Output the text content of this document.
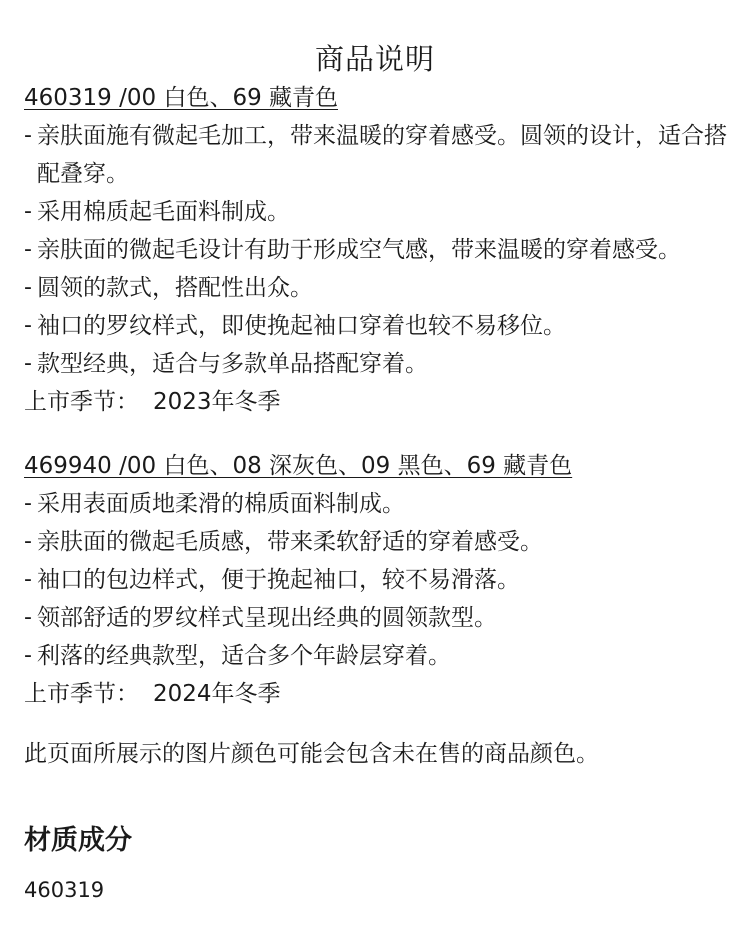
商品说明
460319 /00 白色、69 藏青色
- 亲肤面施有微起毛加工，带来温暖的穿着感受。圆领的设计，适合搭配叠穿。
- 采用棉质起毛面料制成。
- 亲肤面的微起毛设计有助于形成空气感，带来温暖的穿着感受。
- 圆领的款式，搭配性出众。
- 袖口的罗纹样式，即使挽起袖口穿着也较不易移位。
- 款型经典，适合与多款单品搭配穿着。
上市季节： 2023年冬季
469940 /00 白色、08 深灰色、09 黑色、69 藏青色
- 采用表面质地柔滑的棉质面料制成。
- 亲肤面的微起毛质感，带来柔软舒适的穿着感受。
- 袖口的包边样式，便于挽起袖口，较不易滑落。
- 领部舒适的罗纹样式呈现出经典的圆领款型。
- 利落的经典款型，适合多个年龄层穿着。
上市季节： 2024年冬季
此页面所展示的图片颜色可能会包含未在售的商品颜色。
材质成分
460319
